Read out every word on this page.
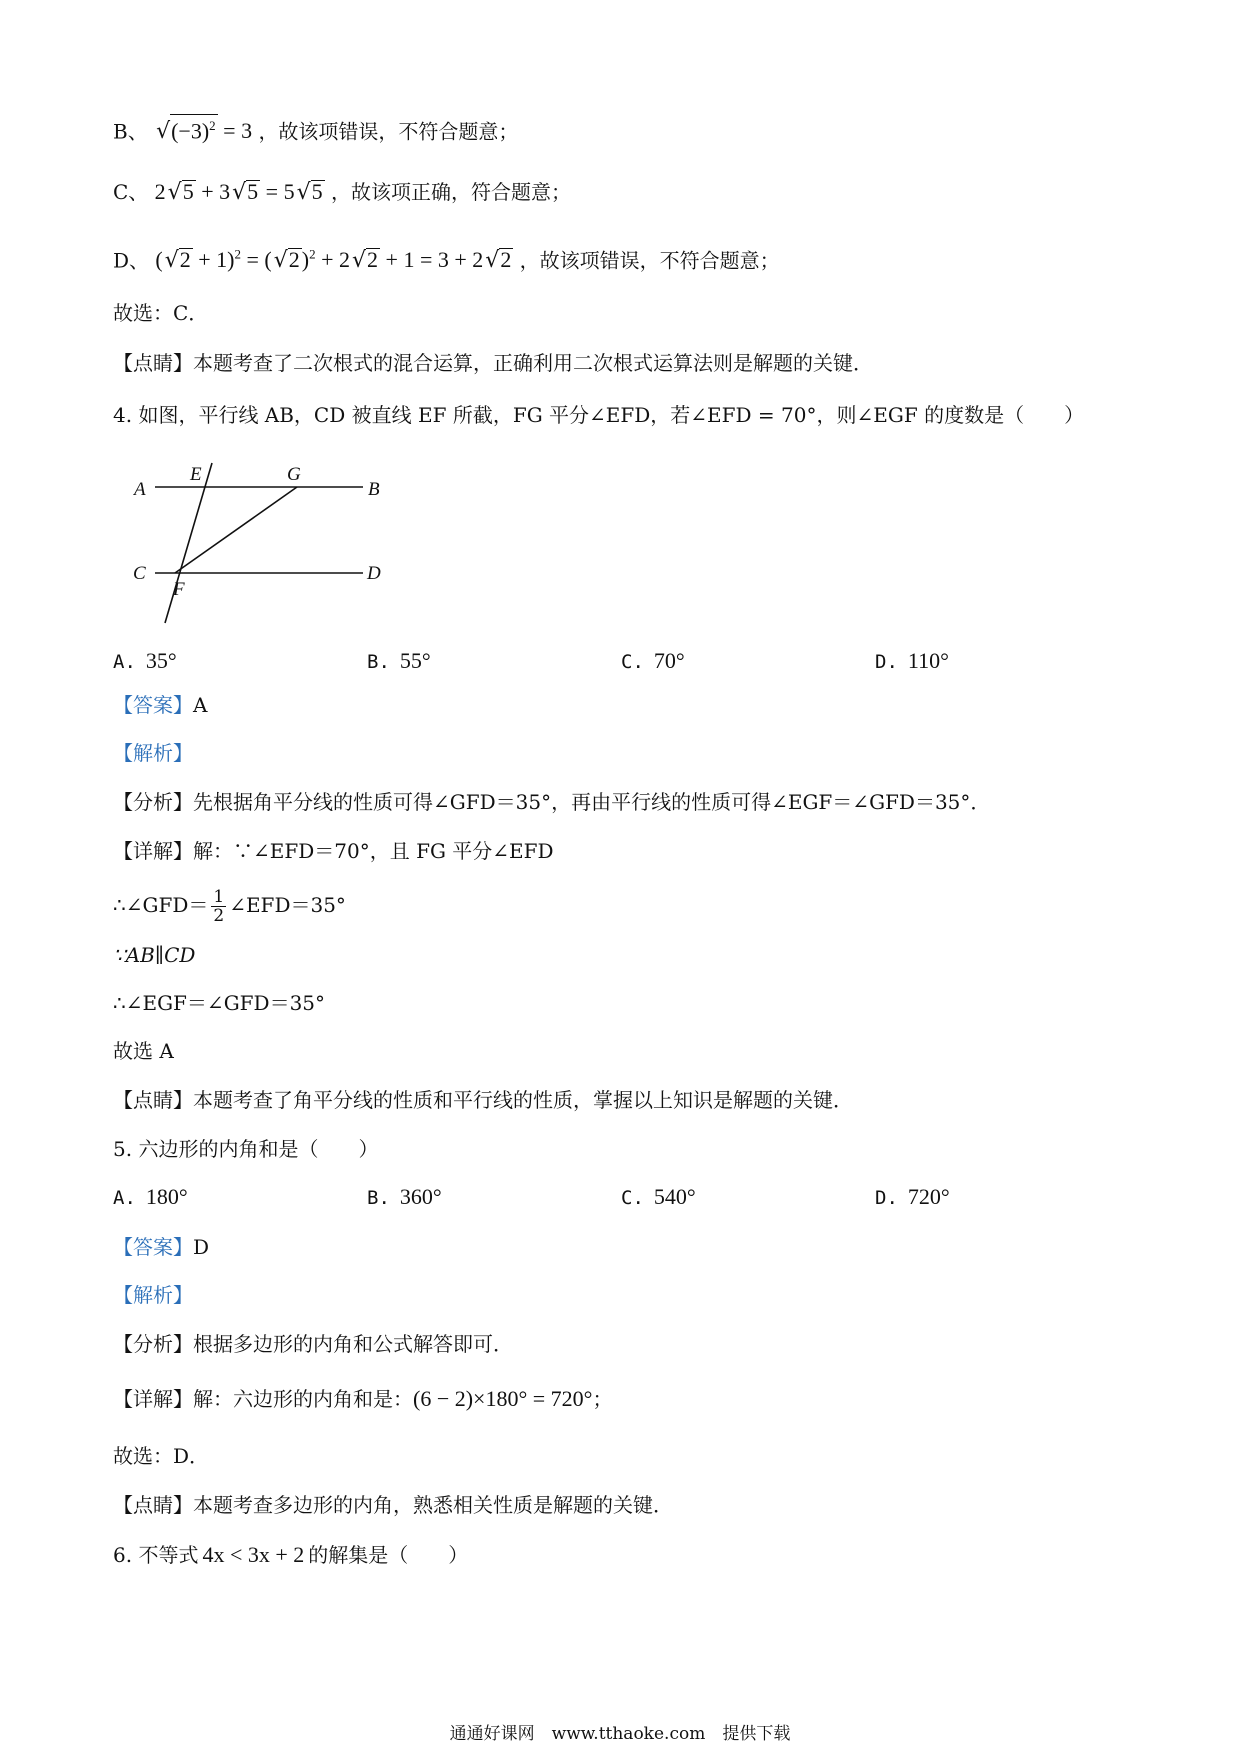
B、 $√(-3)^2 = 3$ ，故该项错误，不符合题意；
C、 2√5 + 3√5 = 5√5 ，故该项正确，符合题意；
D、 $(√2 + 1)^2 = (√2)^2 + 2√2 + 1 = 3 + 2√2$ ，故该项错误，不符合题意；
故选：C．
【点睛】本题考查了二次根式的混合运算，正确利用二次根式运算法则是解题的关键．
4. 如图，平行线 AB，CD 被直线 EF 所截，FG 平分∠EFD，若∠EFD = 70°，则∠EGF 的度数是（　　）
A
E	G
B
C
F
D
A. 35°	B. 55°	C. 70°	D. 110°
【答案】A
【解析】
【分析】先根据角平分线的性质可得∠GFD＝35°，再由平行线的性质可得∠EGF＝∠GFD＝35°．
【详解】解：∵∠EFD＝70°，且 FG 平分∠EFD
∴∠GFD＝ $\frac{1}{2}$ ∠EFD＝35°
∵AB∥CD
∴∠EGF＝∠GFD＝35°
故选 A
【点睛】本题考查了角平分线的性质和平行线的性质，掌握以上知识是解题的关键．
5. 六边形的内角和是（　　）
A. 180°	B. 360°	C. 540°	D. 720°
【答案】D
【解析】
【分析】根据多边形的内角和公式解答即可．
【详解】解：六边形的内角和是：(6 − 2)×180° = 720°；
故选：D．
【点睛】本题考查多边形的内角，熟悉相关性质是解题的关键．
6. 不等式 4x < 3x + 2 的解集是（　　）
通通好课网　www.tthaoke.com　提供下载
